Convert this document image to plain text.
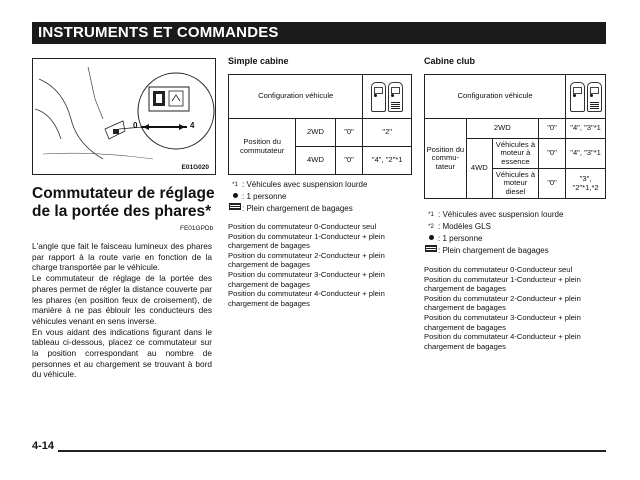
INSTRUMENTS ET COMMANDES
0	4
E01G020
Commutateur de réglage
de la portée des phares*
FE01GPDb

L'angle que fait le faisceau lumineux des phares par rapport à la route varie en fonction de la charge transportée par le véhicule.

Le commutateur de réglage de la portée des phares permet de régler la distance couverte par les phares (en position feux de croisement), de manière à ne pas éblouir les conducteurs des véhicules venant en sens inverse.

En vous aidant des indications figurant dans le tableau ci-dessous, placez ce commutateur sur la position correspondant au nombre de personnes et au chargement se trouvant à bord du véhicule.

Simple cabine
Configuration véhicule			

Position du commutateur	2WD	"0"	"2"
	4WD	"0"	"4", "2"*1
*1 : Véhicules avec suspension lourde
: 1 personne
: Plein chargement de bagages

Position du commutateur 0-Conducteur seul

Position du commutateur 1-Conducteur + plein chargement de bagages

Position du commutateur 2-Conducteur + plein chargement de bagages

Position du commutateur 3-Conducteur + plein chargement de bagages

Position du commutateur 4-Conducteur + plein chargement de bagages

Cabine club
Configuration véhicule				

Position du commu-tateur	2WD		"0"	"4", "3"*1
	4WD	Véhicules à moteur à essence	"0"	"4", "3"*1
		Véhicules à moteur diesel	"0"	"3", "2"*1,*2
*1 : Véhicules avec suspension lourde
*2 : Modèles GLS
: 1 personne
: Plein chargement de bagages

Position du commutateur 0-Conducteur seul

Position du commutateur 1-Conducteur + plein chargement de bagages

Position du commutateur 2-Conducteur + plein chargement de bagages

Position du commutateur 3-Conducteur + plein chargement de bagages

Position du commutateur 4-Conducteur + plein chargement de bagages

4-14
